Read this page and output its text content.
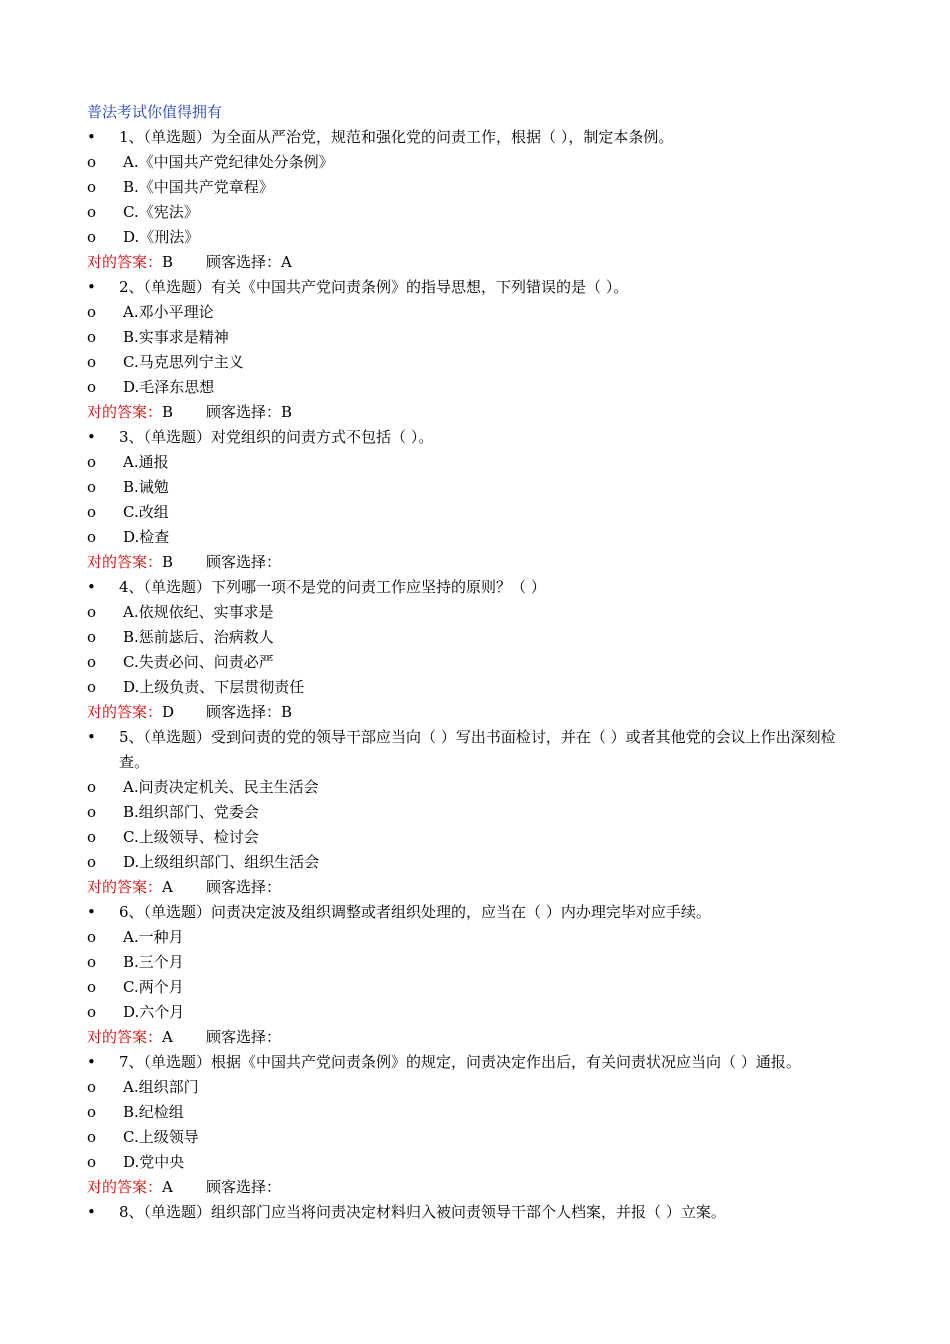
普法考试你值得拥有
•	1、（单选题）为全面从严治党，规范和强化党的问责工作，根据（ ），制定本条例。
o	A.《中国共产党纪律处分条例》
o	B.《中国共产党章程》
o	C.《宪法》
o	D.《刑法》
对的答案：B 顾客选择：A
•	2、（单选题）有关《中国共产党问责条例》的指导思想，下列错误的是（ ）。
o	A.邓小平理论
o	B.实事求是精神
o	C.马克思列宁主义
o	D.毛泽东思想
对的答案：B 顾客选择：B
•	3、（单选题）对党组织的问责方式不包括（ ）。
o	A.通报
o	B.诫勉
o	C.改组
o	D.检查
对的答案：B 顾客选择：
•	4、（单选题）下列哪一项不是党的问责工作应坚持的原则？（ ）
o	A.依规依纪、实事求是
o	B.惩前毖后、治病救人
o	C.失责必问、问责必严
o	D.上级负责、下层贯彻责任
对的答案：D 顾客选择：B
•	5、（单选题）受到问责的党的领导干部应当向（ ）写出书面检讨，并在（ ）或者其他党的会议上作出深刻检查。
o	A.问责决定机关、民主生活会
o	B.组织部门、党委会
o	C.上级领导、检讨会
o	D.上级组织部门、组织生活会
对的答案：A 顾客选择：
•	6、（单选题）问责决定波及组织调整或者组织处理的，应当在（ ）内办理完毕对应手续。
o	A.一种月
o	B.三个月
o	C.两个月
o	D.六个月
对的答案：A 顾客选择：
•	7、（单选题）根据《中国共产党问责条例》的规定，问责决定作出后，有关问责状况应当向（ ）通报。
o	A.组织部门
o	B.纪检组
o	C.上级领导
o	D.党中央
对的答案：A 顾客选择：
•	8、（单选题）组织部门应当将问责决定材料归入被问责领导干部个人档案，并报（ ）立案。
